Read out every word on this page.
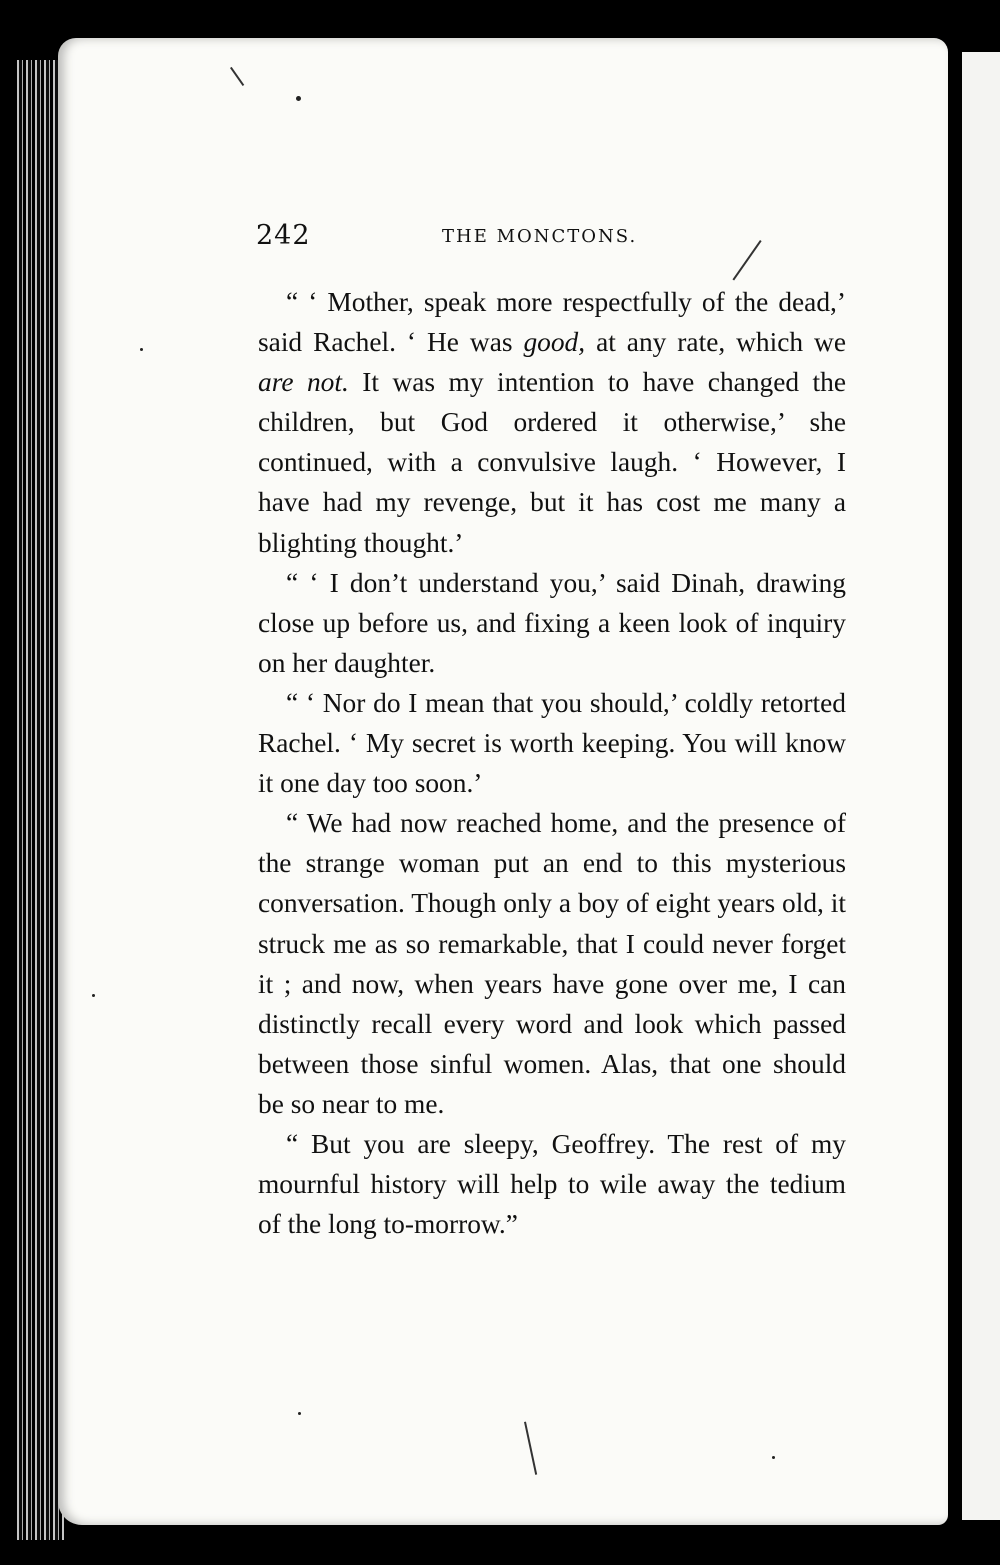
242	THE MONCTONS.

“ ‘ Mother, speak more respectfully of the dead,’ said Rachel. ‘ He was good, at any rate, which we are not. It was my intention to have changed the children, but God ordered it otherwise,’ she continued, with a convulsive laugh. ‘ However, I have had my revenge, but it has cost me many a blighting thought.’

“ ‘ I don’t understand you,’ said Dinah, drawing close up before us, and fixing a keen look of inquiry on her daughter.

“ ‘ Nor do I mean that you should,’ coldly retorted Rachel. ‘ My secret is worth keeping. You will know it one day too soon.’

“ We had now reached home, and the presence of the strange woman put an end to this mysterious conversation. Though only a boy of eight years old, it struck me as so remarkable, that I could never forget it ; and now, when years have gone over me, I can distinctly recall every word and look which passed between those sinful women. Alas, that one should be so near to me.

“ But you are sleepy, Geoffrey. The rest of my mournful history will help to wile away the tedium of the long to-morrow.”
